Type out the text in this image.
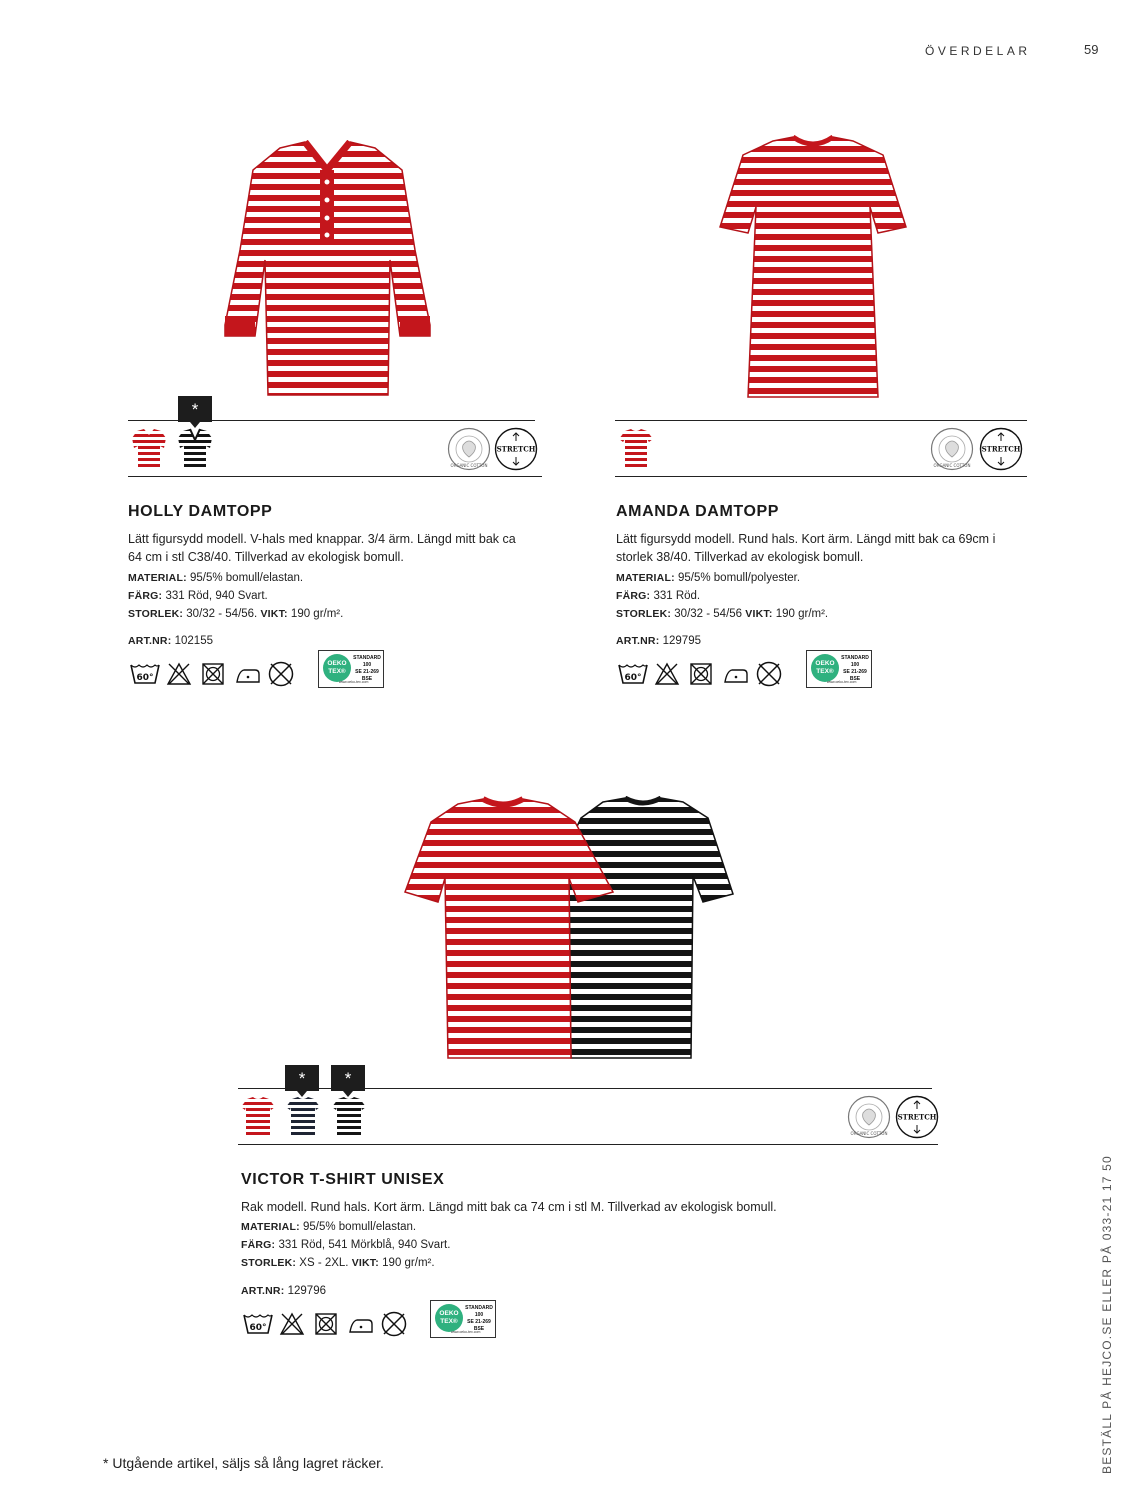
ÖVERDELAR	59
BESTÄLL PÅ HEJCO.SE ELLER PÅ 033-21 17 50
*
ORGANIC COTTON
STRETCH
HOLLY DAMTOPP
Lätt figursydd modell. V-hals med knappar. 3/4 ärm. Längd mitt bak ca 64 cm i stl C38/40. Tillverkad av ekologisk bomull.
MATERIAL: 95/5% bomull/elastan.
FÄRG: 331 Röd, 940 Svart.
STORLEK: 30/32 - 54/56. VIKT: 190 gr/m².
ART.NR: 102155
60°
OEKO TEX®
STANDARD 100
SE 21-269 BSE
www.oeko-tex.com
ORGANIC COTTON
STRETCH
AMANDA DAMTOPP
Lätt figursydd modell. Rund hals. Kort ärm. Längd mitt bak ca 69cm i storlek 38/40. Tillverkad av ekologisk bomull.
MATERIAL: 95/5% bomull/polyester.
FÄRG: 331 Röd.
STORLEK: 30/32 - 54/56 VIKT: 190 gr/m².
ART.NR: 129795
60°
OEKO TEX®
STANDARD 100
SE 21-269 BSE
www.oeko-tex.com
*	*
ORGANIC COTTON
STRETCH
VICTOR T-SHIRT UNISEX
Rak modell. Rund hals. Kort ärm. Längd mitt bak ca 74 cm i stl M. Tillverkad av ekologisk bomull.
MATERIAL: 95/5% bomull/elastan.
FÄRG: 331 Röd, 541 Mörkblå, 940 Svart.
STORLEK: XS - 2XL. VIKT: 190 gr/m².
ART.NR: 129796
60°
OEKO TEX®
STANDARD 100
SE 21-269 BSE
www.oeko-tex.com
* Utgående artikel, säljs så lång lagret räcker.
